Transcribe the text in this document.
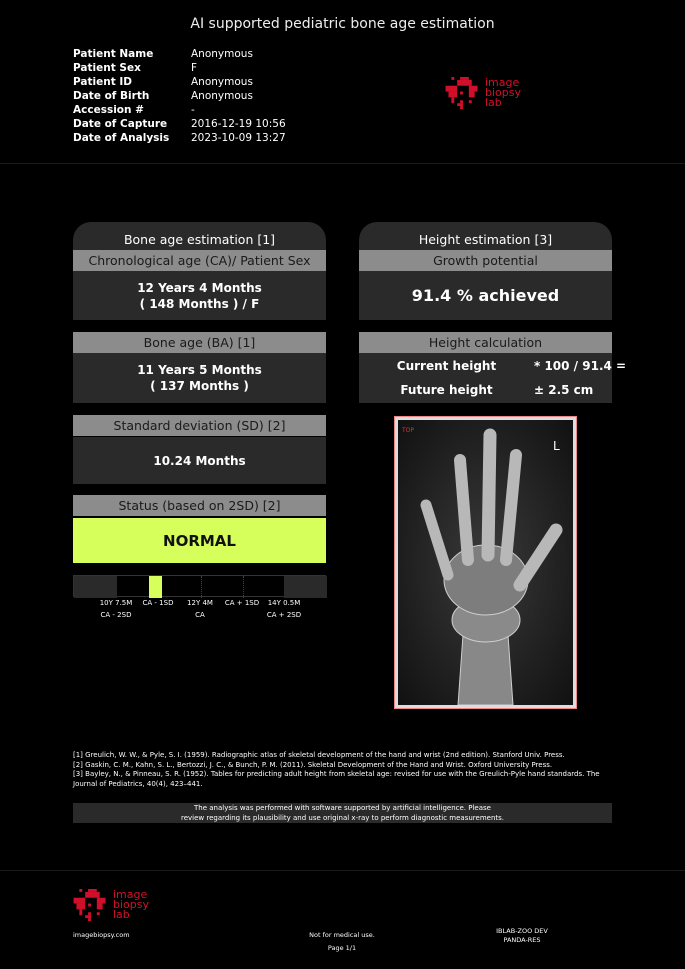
AI supported pediatric bone age estimation
Patient Name	Anonymous
Patient Sex	F
Patient ID	Anonymous
Date of Birth	Anonymous
Accession #	-
Date of Capture	2016-12-19 10:56
Date of Analysis	2023-10-09 13:27
image
biopsy
lab
Bone age estimation [1]
Chronological age (CA)/ Patient Sex
12 Years 4 Months
( 148 Months ) / F
Bone age (BA) [1]
11 Years 5 Months
( 137 Months )
Standard deviation (SD) [2]
10.24 Months
Status (based on 2SD) [2]
NORMAL
10Y 7.5M
CA - 2SD
CA - 1SD	12Y 4M
CA
CA + 1SD	14Y 0.5M
CA + 2SD
Height estimation [3]
Growth potential
91.4 % achieved
Height calculation
Current height	* 100 / 91.4 =
Future height	± 2.5 cm
TOP
L
[1] Greulich, W. W., & Pyle, S. I. (1959). Radiographic atlas of skeletal development of the hand and wrist (2nd edition). Stanford Univ. Press.
[2] Gaskin, C. M., Kahn, S. L., Bertozzi, J. C., & Bunch, P. M. (2011). Skeletal Development of the Hand and Wrist. Oxford University Press.
[3] Bayley, N., & Pinneau, S. R. (1952). Tables for predicting adult height from skeletal age: revised for use with the Greulich-Pyle hand standards. The Journal of Pediatrics, 40(4), 423–441.
The analysis was performed with software supported by artificial intelligence. Please
review regarding its plausibility and use original x-ray to perform diagnostic measurements.
image
biopsy
lab
imagebiopsy.com	Not for medical use.
Page 1/1
IBLAB-ZOO DEV
PANDA-RES
